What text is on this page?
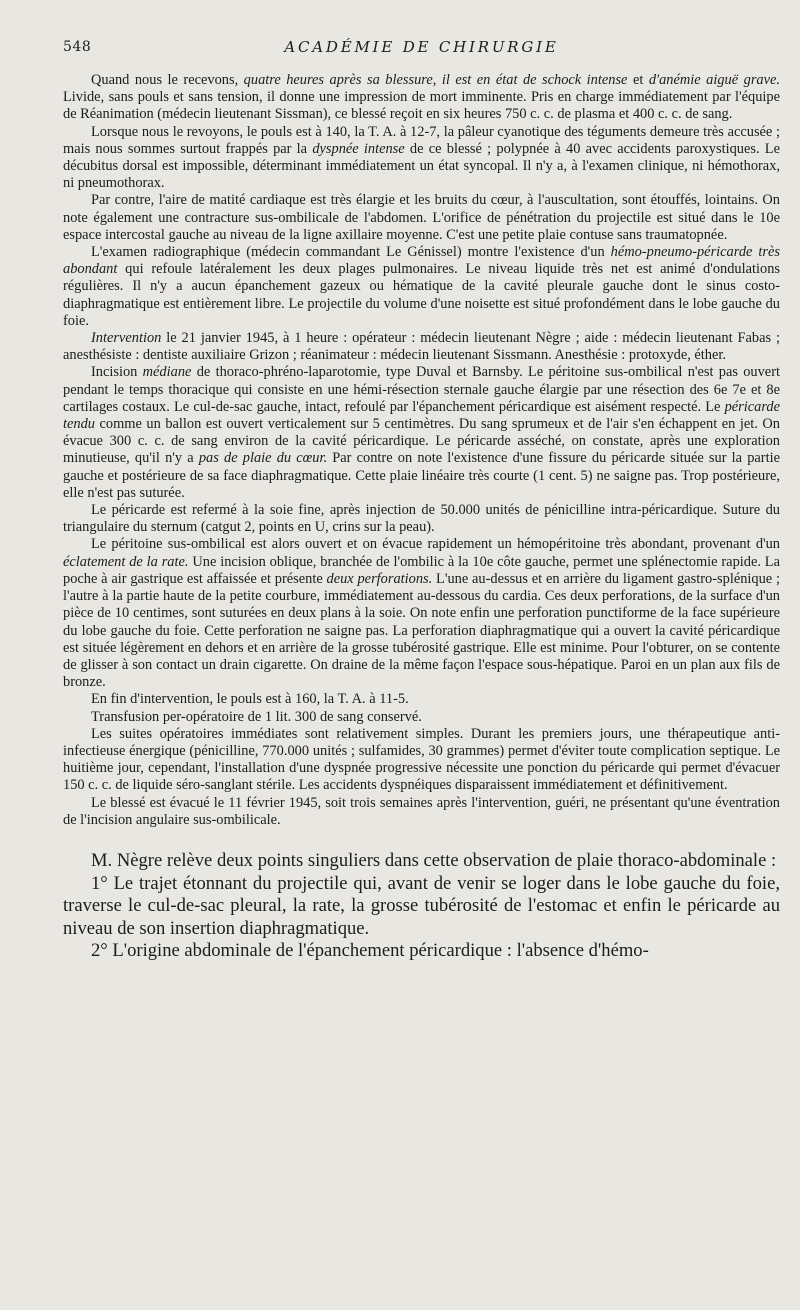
548	ACADÉMIE DE CHIRURGIE

Quand nous le recevons, quatre heures après sa blessure, il est en état de schock intense et d'anémie aiguë grave. Livide, sans pouls et sans tension, il donne une impression de mort imminente. Pris en charge immédiatement par l'équipe de Réanimation (médecin lieutenant Sissman), ce blessé reçoit en six heures 750 c. c. de plasma et 400 c. c. de sang.

Lorsque nous le revoyons, le pouls est à 140, la T. A. à 12-7, la pâleur cyanotique des téguments demeure très accusée ; mais nous sommes surtout frappés par la dyspnée intense de ce blessé ; polypnée à 40 avec accidents paroxystiques. Le décubitus dorsal est impossible, déterminant immédiatement un état syncopal. Il n'y a, à l'examen clinique, ni hémothorax, ni pneumothorax.

Par contre, l'aire de matité cardiaque est très élargie et les bruits du cœur, à l'auscultation, sont étouffés, lointains. On note également une contracture sus-ombilicale de l'abdomen. L'orifice de pénétration du projectile est situé dans le 10e espace intercostal gauche au niveau de la ligne axillaire moyenne. C'est une petite plaie contuse sans traumatopnée.

L'examen radiographique (médecin commandant Le Génissel) montre l'existence d'un hémo-pneumo-péricarde très abondant qui refoule latéralement les deux plages pulmonaires. Le niveau liquide très net est animé d'ondulations régulières. Il n'y a aucun épanchement gazeux ou hématique de la cavité pleurale gauche dont le sinus costo-diaphragmatique est entièrement libre. Le projectile du volume d'une noisette est situé profondément dans le lobe gauche du foie.

Intervention le 21 janvier 1945, à 1 heure : opérateur : médecin lieutenant Nègre ; aide : médecin lieutenant Fabas ; anesthésiste : dentiste auxiliaire Grizon ; réanimateur : médecin lieutenant Sissmann. Anesthésie : protoxyde, éther.

Incision médiane de thoraco-phréno-laparotomie, type Duval et Barnsby. Le péritoine sus-ombilical n'est pas ouvert pendant le temps thoracique qui consiste en une hémi-résection sternale gauche élargie par une résection des 6e 7e et 8e cartilages costaux. Le cul-de-sac gauche, intact, refoulé par l'épanchement péricardique est aisément respecté. Le péricarde tendu comme un ballon est ouvert verticalement sur 5 centimètres. Du sang sprumeux et de l'air s'en échappent en jet. On évacue 300 c. c. de sang environ de la cavité péricardique. Le péricarde asséché, on constate, après une exploration minutieuse, qu'il n'y a pas de plaie du cœur. Par contre on note l'existence d'une fissure du péricarde située sur la partie gauche et postérieure de sa face diaphragmatique. Cette plaie linéaire très courte (1 cent. 5) ne saigne pas. Trop postérieure, elle n'est pas suturée.

Le péricarde est refermé à la soie fine, après injection de 50.000 unités de pénicilline intra-péricardique. Suture du triangulaire du sternum (catgut 2, points en U, crins sur la peau).

Le péritoine sus-ombilical est alors ouvert et on évacue rapidement un hémopéritoine très abondant, provenant d'un éclatement de la rate. Une incision oblique, branchée de l'ombilic à la 10e côte gauche, permet une splénectomie rapide. La poche à air gastrique est affaissée et présente deux perforations. L'une au-dessus et en arrière du ligament gastro-splénique ; l'autre à la partie haute de la petite courbure, immédiatement au-dessous du cardia. Ces deux perforations, de la surface d'un pièce de 10 centimes, sont suturées en deux plans à la soie. On note enfin une perforation punctiforme de la face supérieure du lobe gauche du foie. Cette perforation ne saigne pas. La perforation diaphragmatique qui a ouvert la cavité péricardique est située légèrement en dehors et en arrière de la grosse tubérosité gastrique. Elle est minime. Pour l'obturer, on se contente de glisser à son contact un drain cigarette. On draine de la même façon l'espace sous-hépatique. Paroi en un plan aux fils de bronze.

En fin d'intervention, le pouls est à 160, la T. A. à 11-5.

Transfusion per-opératoire de 1 lit. 300 de sang conservé.

Les suites opératoires immédiates sont relativement simples. Durant les premiers jours, une thérapeutique anti-infectieuse énergique (pénicilline, 770.000 unités ; sulfamides, 30 grammes) permet d'éviter toute complication septique. Le huitième jour, cependant, l'installation d'une dyspnée progressive nécessite une ponction du péricarde qui permet d'évacuer 150 c. c. de liquide séro-sanglant stérile. Les accidents dyspnéiques disparaissent immédiatement et définitivement.

Le blessé est évacué le 11 février 1945, soit trois semaines après l'intervention, guéri, ne présentant qu'une éventration de l'incision angulaire sus-ombilicale.

M. Nègre relève deux points singuliers dans cette observation de plaie thoraco-abdominale :

1° Le trajet étonnant du projectile qui, avant de venir se loger dans le lobe gauche du foie, traverse le cul-de-sac pleural, la rate, la grosse tubérosité de l'estomac et enfin le péricarde au niveau de son insertion diaphragmatique.

2° L'origine abdominale de l'épanchement péricardique : l'absence d'hémo-
